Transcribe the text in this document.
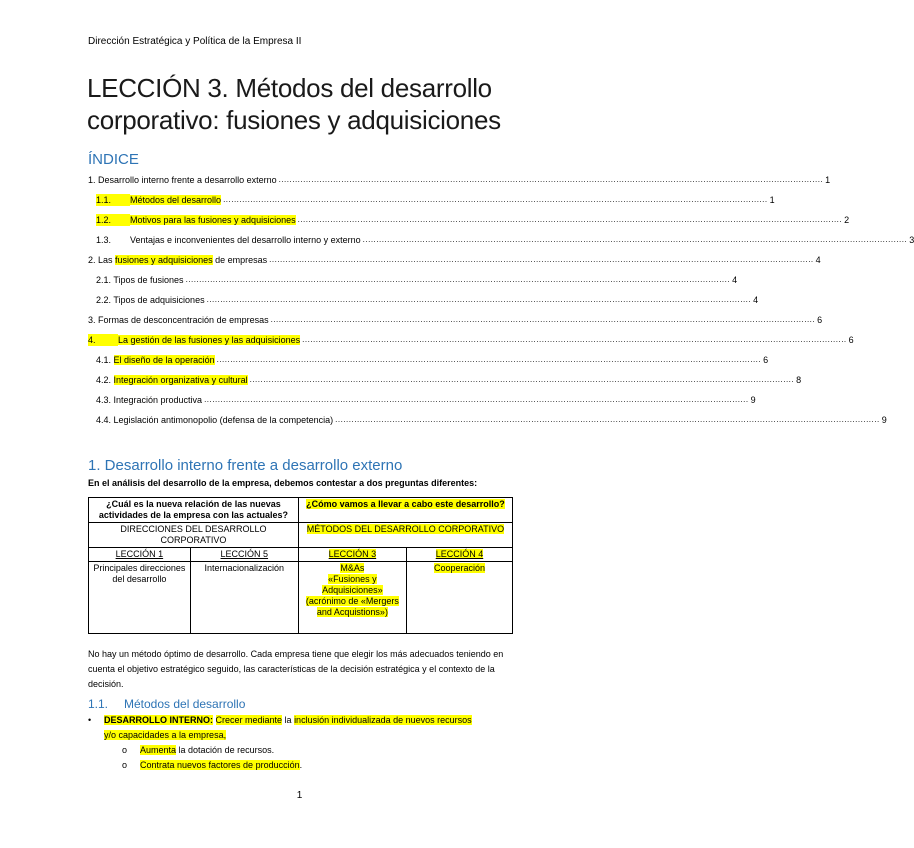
Dirección Estratégica y Política de la Empresa II
LECCIÓN 3. Métodos del desarrollo
corporativo: fusiones y adquisiciones
ÍNDICE
1. Desarrollo interno frente a desarrollo externo ........................................................................................................................................................................................................ 1
1.1. Métodos del desarrollo ........................................................................................................................................................................................................ 1
1.2. Motivos para las fusiones y adquisiciones ........................................................................................................................................................................................................ 2
1.3. Ventajas e inconvenientes del desarrollo interno y externo ........................................................................................................................................................................................................ 3
2. Las fusiones y adquisiciones de empresas ........................................................................................................................................................................................................ 4
2.1. Tipos de fusiones ........................................................................................................................................................................................................ 4
2.2. Tipos de adquisiciones ........................................................................................................................................................................................................ 4
3. Formas de desconcentración de empresas ........................................................................................................................................................................................................ 6
4. La gestión de las fusiones y las adquisiciones ........................................................................................................................................................................................................ 6
4.1. El diseño de la operación ........................................................................................................................................................................................................ 6
4.2. Integración organizativa y cultural ........................................................................................................................................................................................................ 8
4.3. Integración productiva ........................................................................................................................................................................................................ 9
4.4. Legislación antimonopolio (defensa de la competencia) ........................................................................................................................................................................................................ 9
1. Desarrollo interno frente a desarrollo externo
En el análisis del desarrollo de la empresa, debemos contestar a dos preguntas diferentes:
¿Cuál es la nueva relación de las nuevas actividades de la empresa con las actuales?		¿Cómo vamos a llevar a cabo este desarrollo?	
DIRECCIONES DEL DESARROLLO CORPORATIVO		MÉTODOS DEL DESARROLLO CORPORATIVO	
LECCIÓN 1	LECCIÓN 5	LECCIÓN 3	LECCIÓN 4
Principales direcciones del desarrollo	Internacionalización	M&As
«Fusiones y Adquisiciones»
(acrónimo de «Mergers and Acquistions»)	Cooperación
No hay un método óptimo de desarrollo. Cada empresa tiene que elegir los más adecuados teniendo en cuenta el objetivo estratégico seguido, las características de la decisión estratégica y el contexto de la decisión.
1.1. Métodos del desarrollo
• DESARROLLO INTERNO: Crecer mediante la inclusión individualizada de nuevos recursos
y/o capacidades a la empresa,
o Aumenta la dotación de recursos.
o Contrata nuevos factores de producción.
1
